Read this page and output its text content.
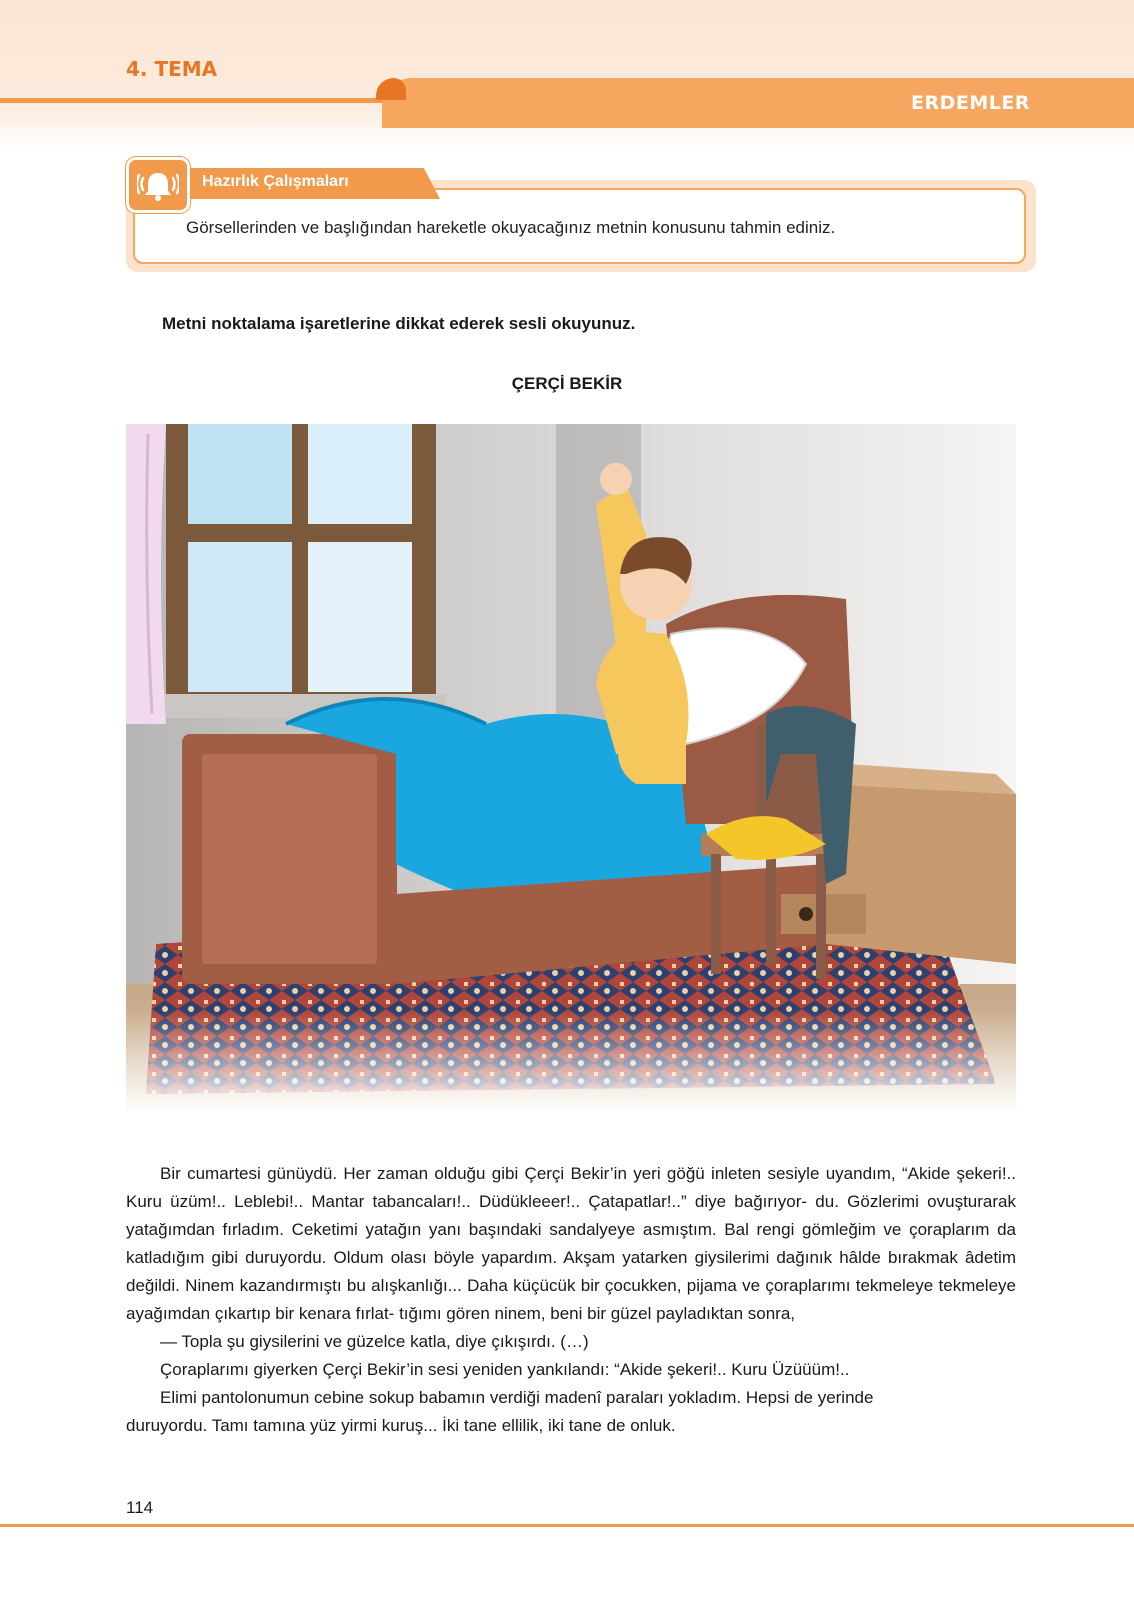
4. TEMA
ERDEMLER
Hazırlık Çalışmaları
Görsellerinden ve başlığından hareketle okuyacağınız metnin konusunu tahmin ediniz.
Metni noktalama işaretlerine dikkat ederek sesli okuyunuz.
ÇERÇİ BEKİR

Bir cumartesi günüydü. Her zaman olduğu gibi Çerçi Bekir’in yeri göğü inleten sesiyle uyandım, “Akide şekeri!.. Kuru üzüm!.. Leblebi!.. Mantar tabancaları!.. Düdükleeer!.. Çatapatlar!..” diye bağırıyor- du. Gözlerimi ovuşturarak yatağımdan fırladım. Ceketimi yatağın yanı başındaki sandalyeye asmıştım. Bal rengi gömleğim ve çoraplarım da katladığım gibi duruyordu. Oldum olası böyle yapardım. Akşam yatarken giysilerimi dağınık hâlde bırakmak âdetim değildi. Ninem kazandırmıştı bu alışkanlığı... Daha küçücük bir çocukken, pijama ve çoraplarımı tekmeleye tekmeleye ayağımdan çıkartıp bir kenara fırlat- tığımı gören ninem, beni bir güzel payladıktan sonra,

— Topla şu giysilerini ve güzelce katla, diye çıkışırdı. (…)

Çoraplarımı giyerken Çerçi Bekir’in sesi yeniden yankılandı: “Akide şekeri!.. Kuru Üzüüüm!..

Elimi pantolonumun cebine sokup babamın verdiği madenî paraları yokladım. Hepsi de yerinde

duruyordu. Tamı tamına yüz yirmi kuruş... İki tane ellilik, iki tane de onluk.

114
